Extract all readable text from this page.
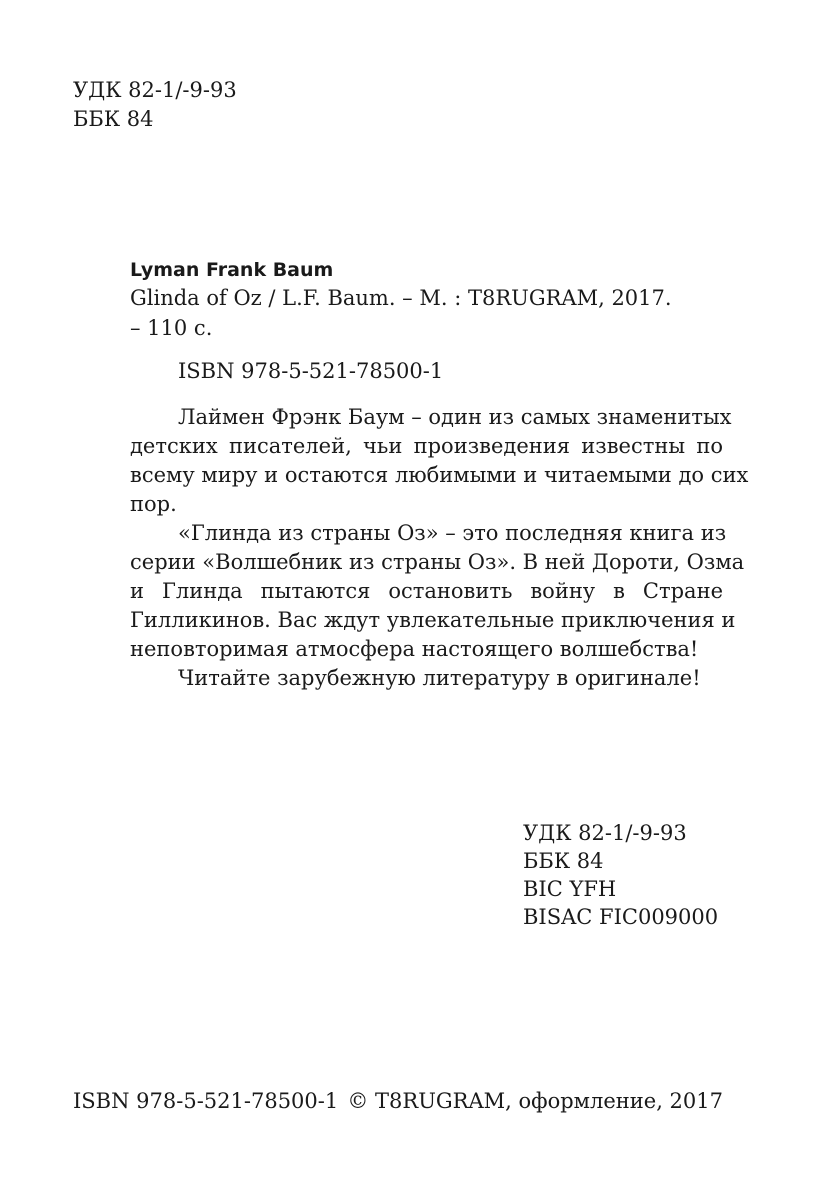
УДК 82-1/-9-93
ББК 84
Lyman Frank Baum
Glinda of Oz / L.F. Baum. – M. : T8RUGRAM, 2017.
– 110 с.
ISBN 978-5-521-78500-1
Лаймен Фрэнк Баум – один из самых знаменитых
детских писателей, чьи произведения известны по
всему миру и остаются любимыми и читаемыми до сих
пор.
«Глинда из страны Оз» – это последняя книга из
серии «Волшебник из страны Оз». В ней Дороти, Озма
и Глинда пытаются остановить войну в Стране
Гилликинов. Вас ждут увлекательные приключения и
неповторимая атмосфера настоящего волшебства!
Читайте зарубежную литературу в оригинале!
УДК 82-1/-9-93
ББК 84
BIC YFH
BISAC FIC009000
ISBN 978-5-521-78500-1 © T8RUGRAM, оформление, 2017
